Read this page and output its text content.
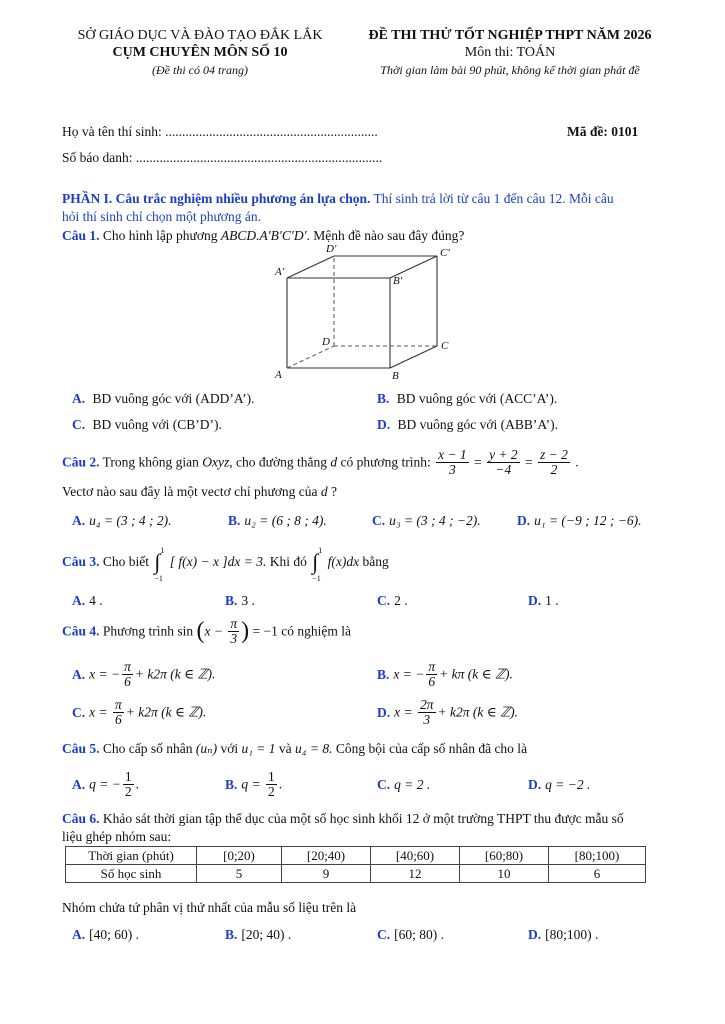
SỞ GIÁO DỤC VÀ ĐÀO TẠO ĐẮK LẮK
CỤM CHUYÊN MÔN SỐ 10
(Đề thi có 04 trang)
ĐỀ THI THỬ TỐT NGHIỆP THPT NĂM 2026
Môn thi: TOÁN
Thời gian làm bài 90 phút, không kể thời gian phát đề
Họ và tên thí sinh: ...............................................................	Mã đề: 0101
Số báo danh: .........................................................................
PHẦN I. Câu trắc nghiệm nhiều phương án lựa chọn. Thí sinh trả lời từ câu 1 đến câu 12. Mỗi câu
hỏi thí sinh chỉ chọn một phương án.
Câu 1. Cho hình lập phương ABCD.A′B′C′D′. Mệnh đề nào sau đây đúng?
A	B
C
D
A′
B′
C′
D′
A. BD vuông góc với (ADD’A’).	B. BD vuông góc với (ACC’A’).
C. BD vuông với (CB’D’).	D. BD vuông góc với (ABB’A’).
Câu 2. Trong không gian Oxyz, cho đường thẳng d có phương trình: $\frac{x - 1}{3} = \frac{y + 2}{-4} = \frac{z - 2}{2}$ .
Vectơ nào sau đây là một vectơ chỉ phương của d ?
A. u₄ = (3 ; 4 ; 2).	B. u₂ = (6 ; 8 ; 4).	C. u₃ = (3 ; 4 ; −2).	D. u₁ = (−9 ; 12 ; −6).
Câu 3. Cho biết ∫ 1
−1
[ f(x) − x ]dx = 3. Khi đó ∫ 1
−1
f(x)dx bằng
A. 4 .	B. 3 .	C. 2 .	D. 1 .
Câu 4. Phương trình $\sin (x - \frac{\pi}{3}$ ) = −1 có nghiệm là
A. x = − $\frac{\pi}{6} + k2\pi$ (k ∈ ℤ).	B. x = − $\frac{\pi}{6} + k\pi$ (k ∈ ℤ).
C. $x = \frac{\pi}{6} + k2\pi$ (k ∈ ℤ).	D. $x = \frac{2\pi}{3} + k2\pi$ (k ∈ ℤ).
Câu 5. Cho cấp số nhân (uₙ) với u₁ = 1 và u₄ = 8. Công bội của cấp số nhân đã cho là
A. q = − $\frac{1}{2}$ .	B. $q = \frac{1}{2}$ .	C. q = 2 .	D. q = −2 .
Câu 6. Khảo sát thời gian tập thể dục của một số học sinh khối 12 ở một trường THPT thu được mẫu số
liệu ghép nhóm sau:
Thời gian (phút)	[0;20)	[20;40)	[40;60)	[60;80)	[80;100)
Số học sinh	5	9	12	10	6
Nhóm chứa tứ phân vị thứ nhất của mẫu số liệu trên là
A. [40; 60) .	B. [20; 40) .	C. [60; 80) .	D. [80;100) .
